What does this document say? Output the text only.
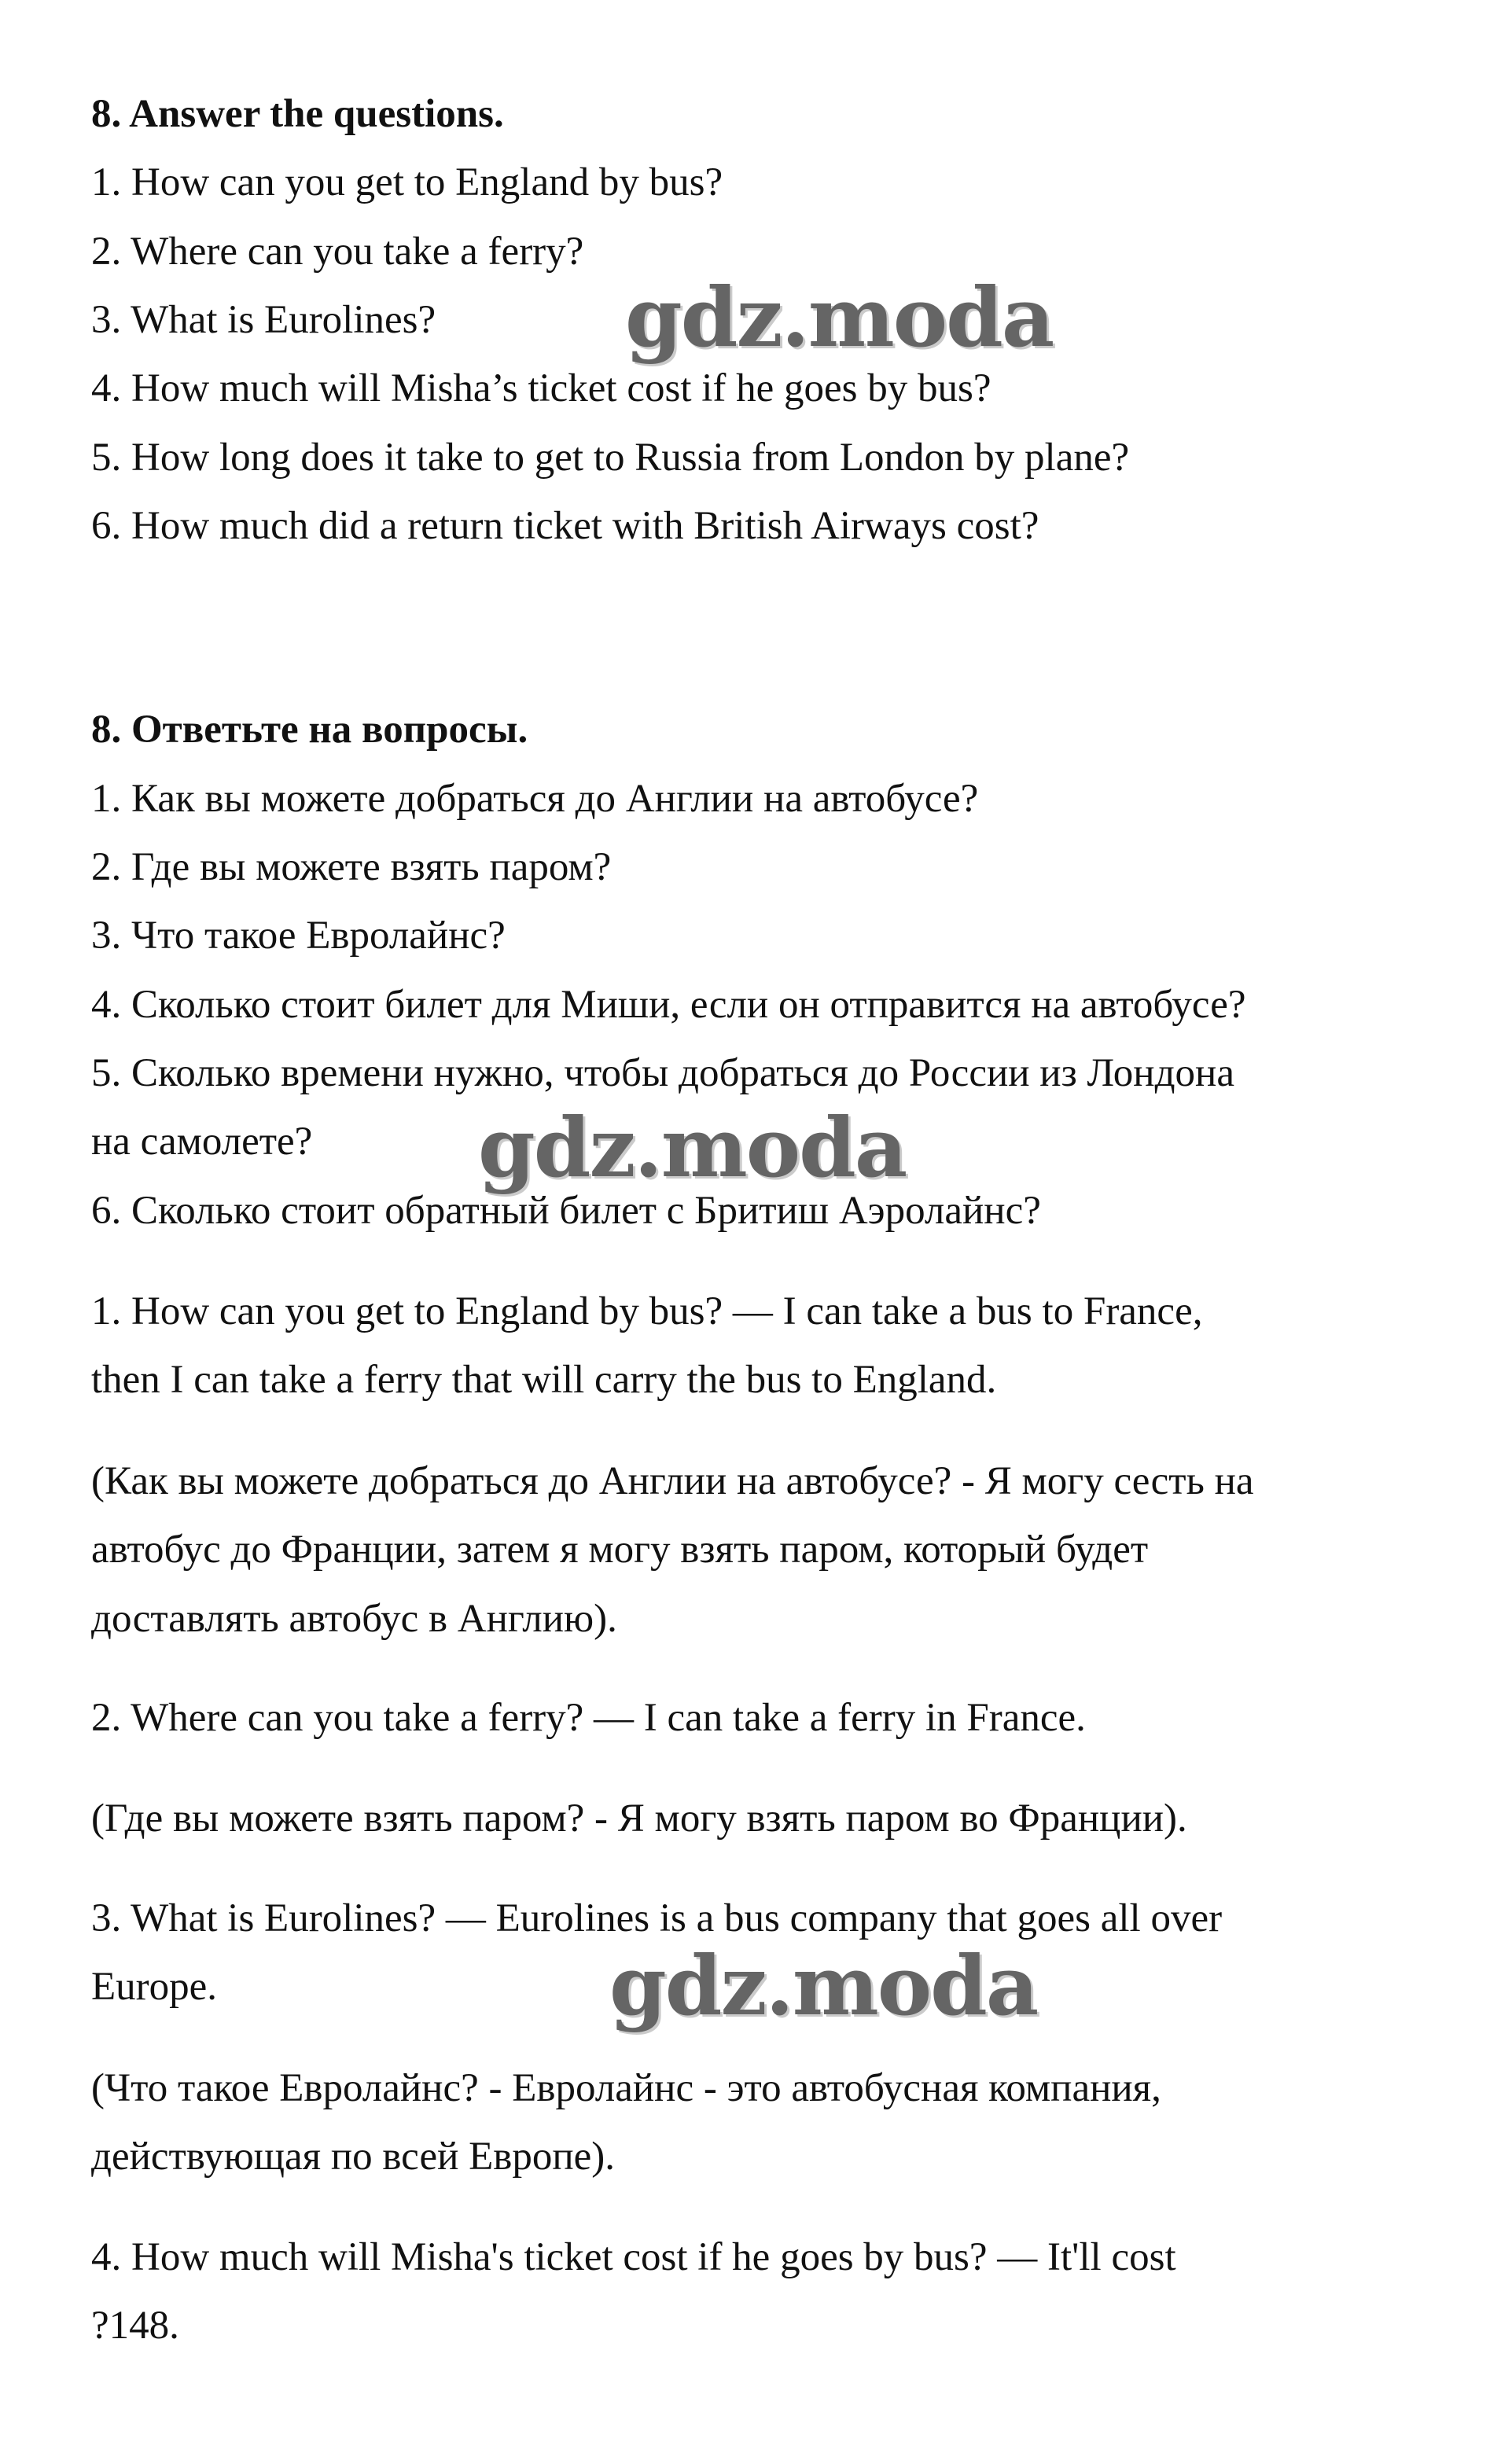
8. Answer the questions.
1. How can you get to England by bus?
2. Where can you take a ferry?
3. What is Eurolines?
4. How much will Misha’s ticket cost if he goes by bus?
5. How long does it take to get to Russia from London by plane?
6. How much did a return ticket with British Airways cost?
8. Ответьте на вопросы.
1. Как вы можете добраться до Англии на автобусе?
2. Где вы можете взять паром?
3. Что такое Евролайнс?
4. Сколько стоит билет для Миши, если он отправится на автобусе?
5. Сколько времени нужно, чтобы добраться до России из Лондона
на самолете?
6. Сколько стоит обратный билет с Бритиш Аэролайнс?
1. How can you get to England by bus? — I can take a bus to France,
then I can take a ferry that will carry the bus to England.
(Как вы можете добраться до Англии на автобусе? - Я могу сесть на
автобус до Франции, затем я могу взять паром, который будет
доставлять автобус в Англию).
2. Where can you take a ferry? — I can take a ferry in France.
(Где вы можете взять паром? - Я могу взять паром во Франции).
3. What is Eurolines? — Eurolines is a bus company that goes all over
Europe.
(Что такое Евролайнс? - Евролайнс - это автобусная компания,
действующая по всей Европе).
4. How much will Misha's ticket cost if he goes by bus? — It'll cost
?148.
gdz.moda
gdz.moda
gdz.moda
